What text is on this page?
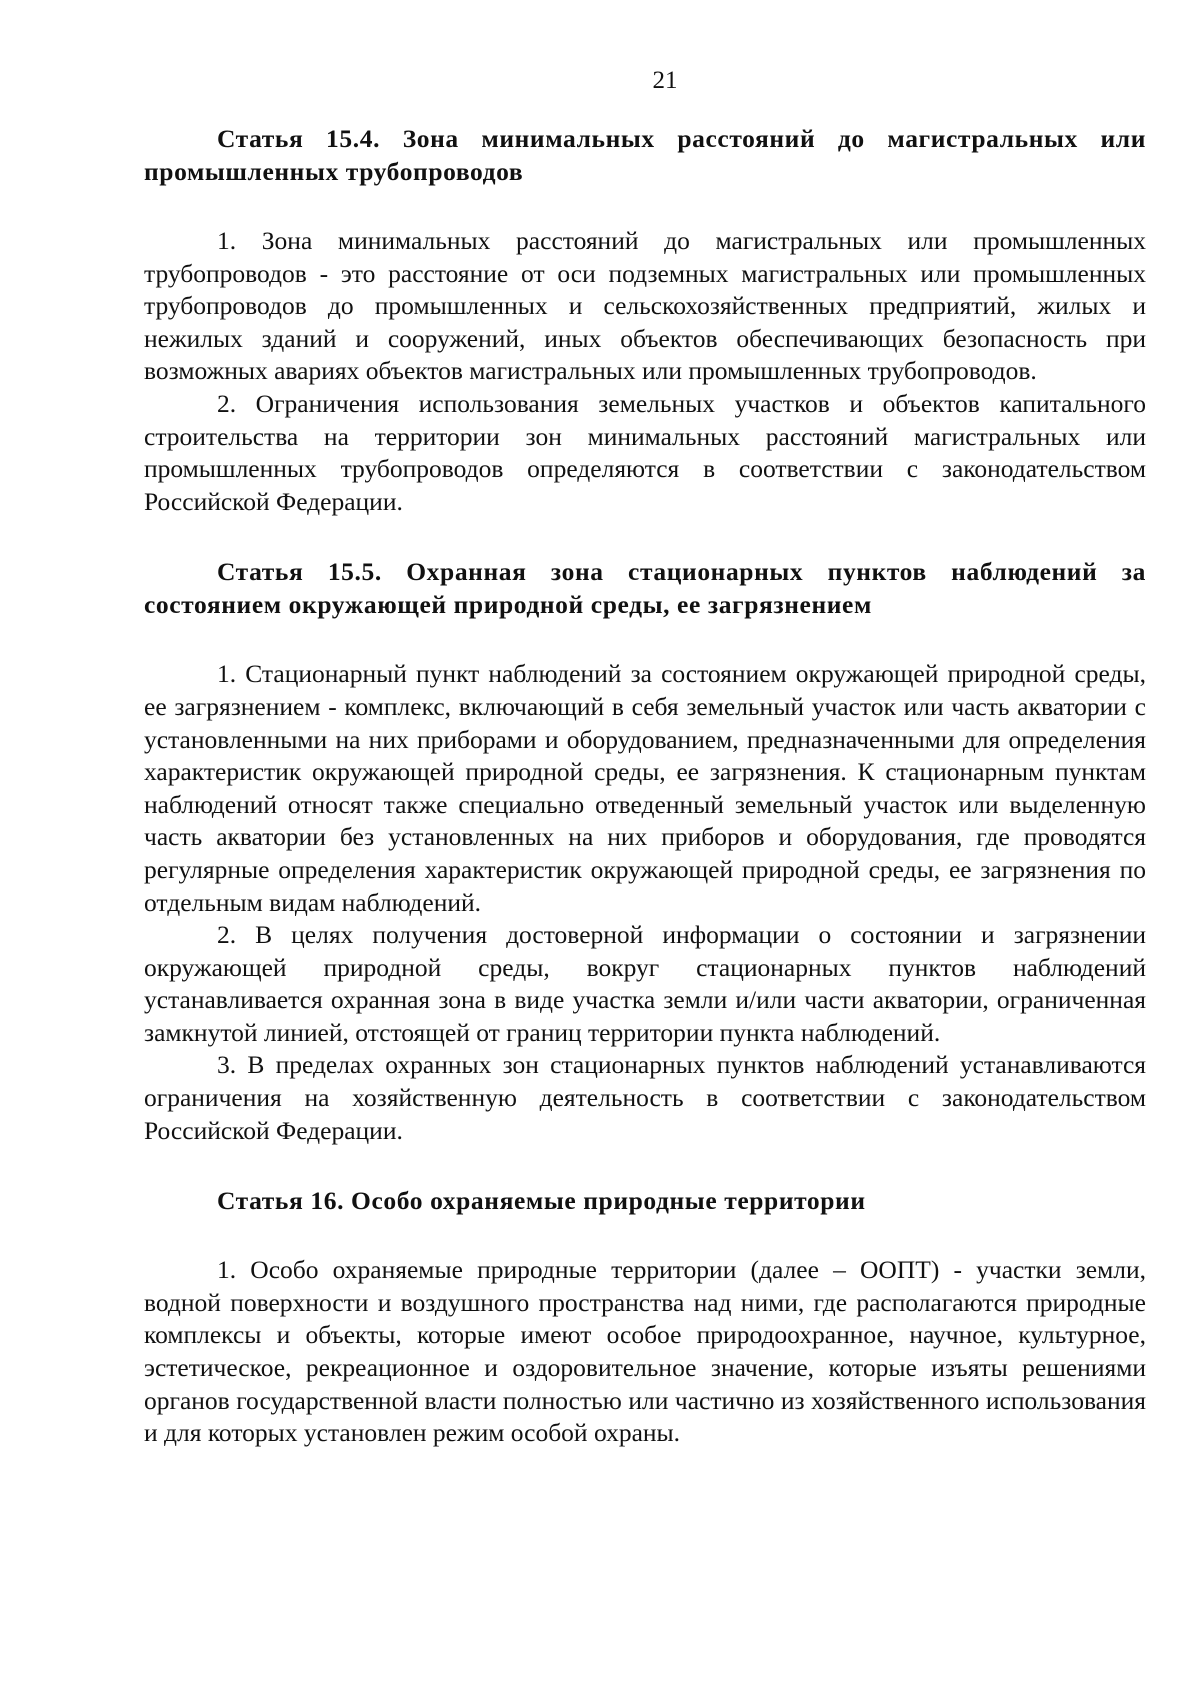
21
Статья 15.4. Зона минимальных расстояний до магистральных или промышленных трубопроводов

1. Зона минимальных расстояний до магистральных или промышленных трубопроводов - это расстояние от оси подземных магистральных или промышленных трубопроводов до промышленных и сельскохозяйственных предприятий, жилых и нежилых зданий и сооружений, иных объектов обеспечивающих безопасность при возможных авариях объектов магистральных или промышленных трубопроводов.

2. Ограничения использования земельных участков и объектов капитального строительства на территории зон минимальных расстояний магистральных или промышленных трубопроводов определяются в соответствии с законодательством Российской Федерации.

Статья 15.5. Охранная зона стационарных пунктов наблюдений за состоянием окружающей природной среды, ее загрязнением

1. Стационарный пункт наблюдений за состоянием окружающей природной среды, ее загрязнением - комплекс, включающий в себя земельный участок или часть акватории с установленными на них приборами и оборудованием, предназначенными для определения характеристик окружающей природной среды, ее загрязнения. К стационарным пунктам наблюдений относят также специально отведенный земельный участок или выделенную часть акватории без установленных на них приборов и оборудования, где проводятся регулярные определения характеристик окружающей природной среды, ее загрязнения по отдельным видам наблюдений.

2. В целях получения достоверной информации о состоянии и загрязнении окружающей природной среды, вокруг стационарных пунктов наблюдений устанавливается охранная зона в виде участка земли и/или части акватории, ограниченная замкнутой линией, отстоящей от границ территории пункта наблюдений.

3. В пределах охранных зон стационарных пунктов наблюдений устанавливаются ограничения на хозяйственную деятельность в соответствии с законодательством Российской Федерации.

Статья 16. Особо охраняемые природные территории

1. Особо охраняемые природные территории (далее – ООПТ) - участки земли, водной поверхности и воздушного пространства над ними, где располагаются природные комплексы и объекты, которые имеют особое природоохранное, научное, культурное, эстетическое, рекреационное и оздоровительное значение, которые изъяты решениями органов государственной власти полностью или частично из хозяйственного использования и для которых установлен режим особой охраны.
